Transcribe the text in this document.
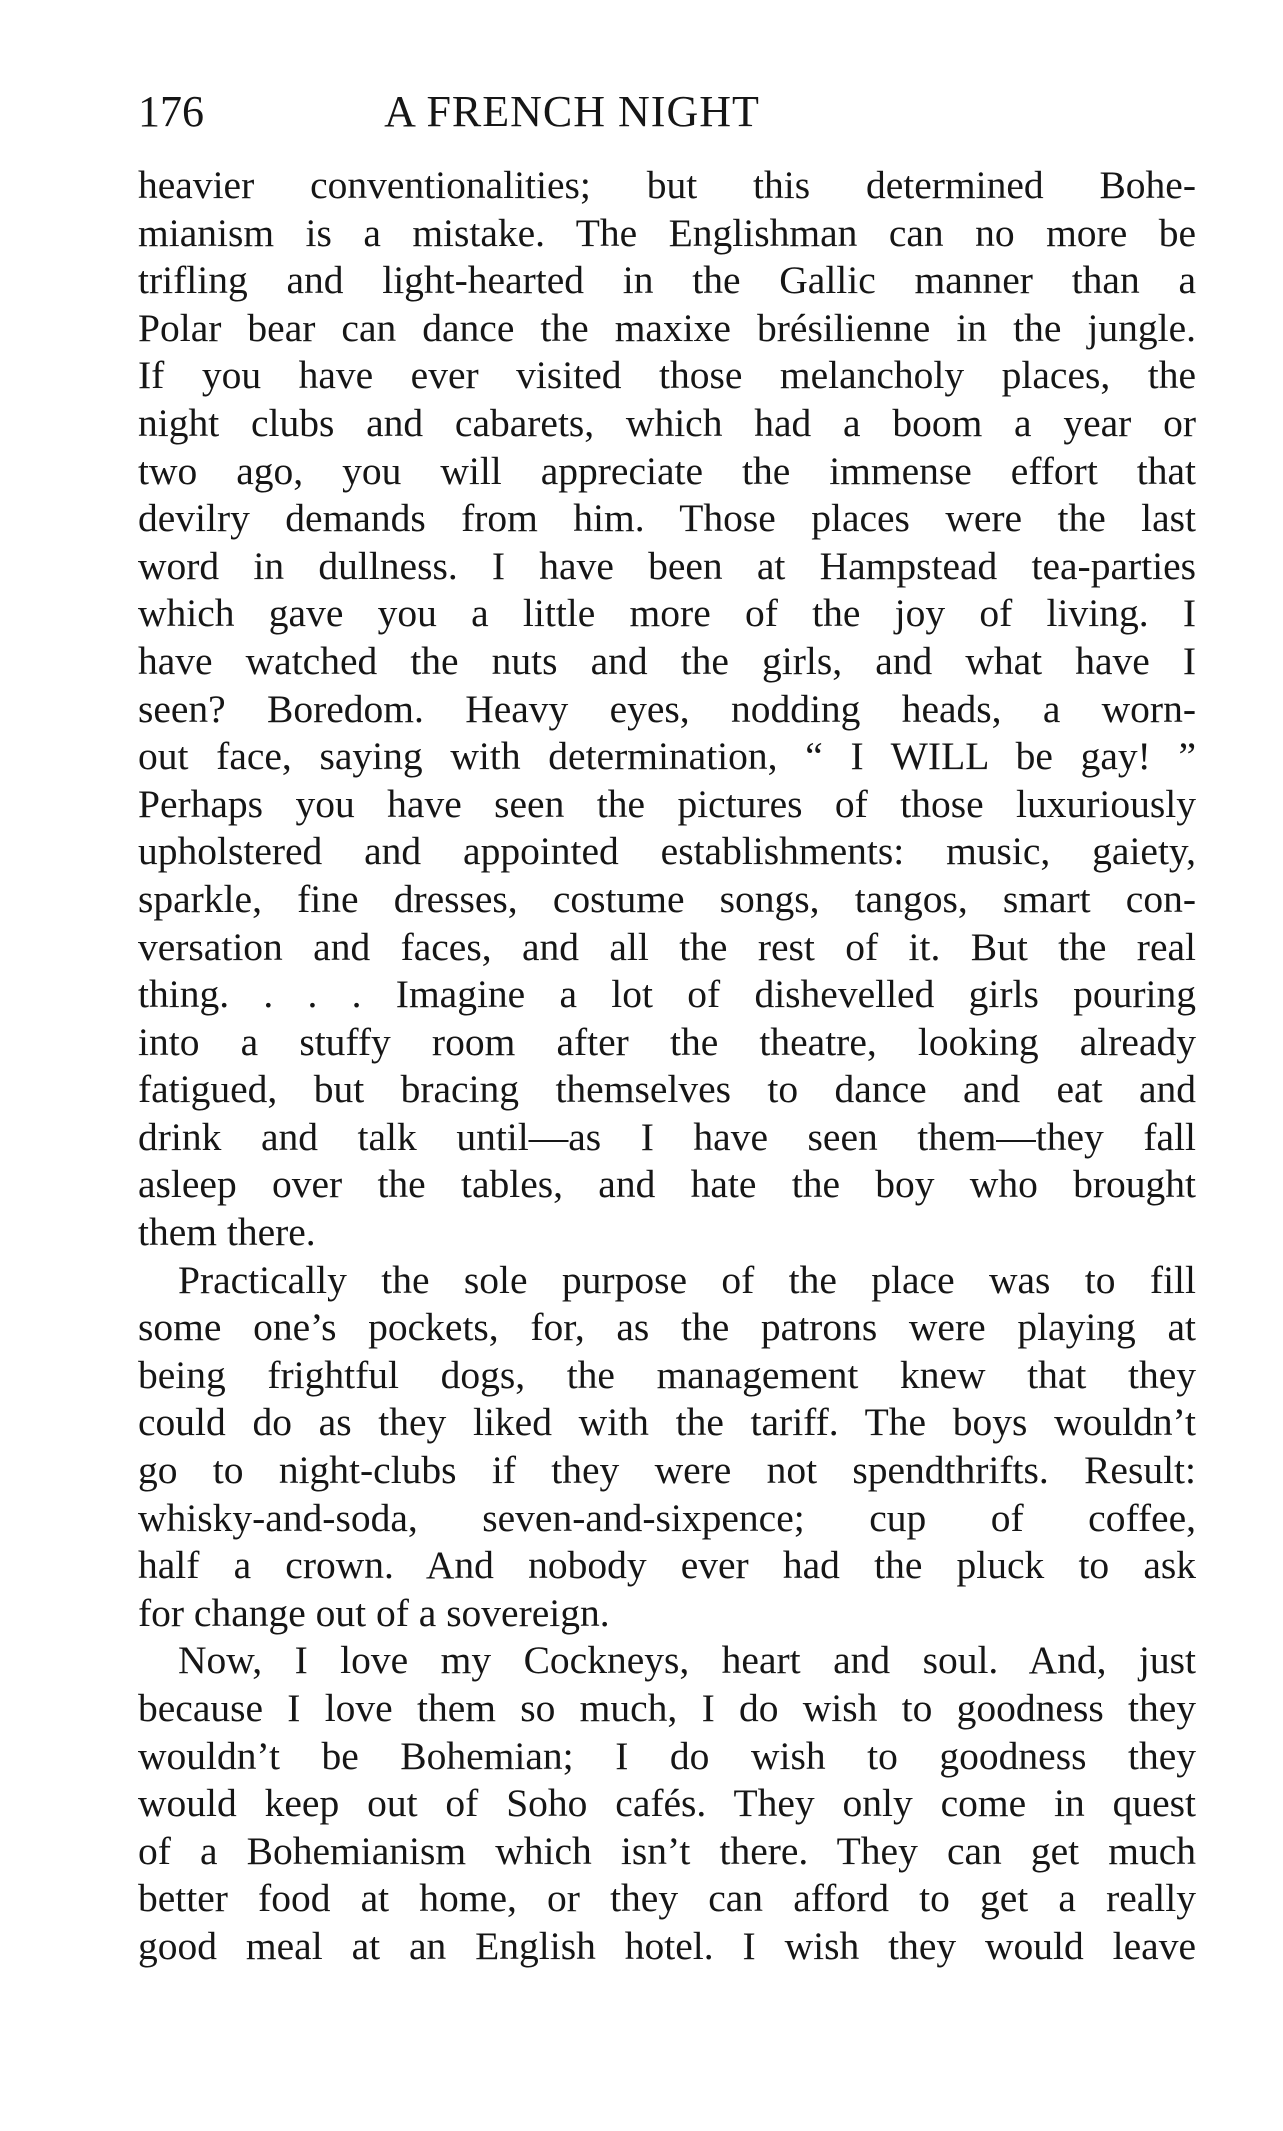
176	A FRENCH NIGHT
heavier conventionalities; but this determined Bohe-
mianism is a mistake. The Englishman can no more be
trifling and light-hearted in the Gallic manner than a
Polar bear can dance the maxixe brésilienne in the jungle.
If you have ever visited those melancholy places, the
night clubs and cabarets, which had a boom a year or
two ago, you will appreciate the immense effort that
devilry demands from him. Those places were the last
word in dullness. I have been at Hampstead tea-parties
which gave you a little more of the joy of living. I
have watched the nuts and the girls, and what have I
seen? Boredom. Heavy eyes, nodding heads, a worn-
out face, saying with determination, “ I WILL be gay! ”
Perhaps you have seen the pictures of those luxuriously
upholstered and appointed establishments: music, gaiety,
sparkle, fine dresses, costume songs, tangos, smart con-
versation and faces, and all the rest of it. But the real
thing. . . . Imagine a lot of dishevelled girls pouring
into a stuffy room after the theatre, looking already
fatigued, but bracing themselves to dance and eat and
drink and talk until—as I have seen them—they fall
asleep over the tables, and hate the boy who brought
them there.
Practically the sole purpose of the place was to fill
some one’s pockets, for, as the patrons were playing at
being frightful dogs, the management knew that they
could do as they liked with the tariff. The boys wouldn’t
go to night-clubs if they were not spendthrifts. Result:
whisky-and-soda, seven-and-sixpence; cup of coffee,
half a crown. And nobody ever had the pluck to ask
for change out of a sovereign.
Now, I love my Cockneys, heart and soul. And, just
because I love them so much, I do wish to goodness they
wouldn’t be Bohemian; I do wish to goodness they
would keep out of Soho cafés. They only come in quest
of a Bohemianism which isn’t there. They can get much
better food at home, or they can afford to get a really
good meal at an English hotel. I wish they would leave
